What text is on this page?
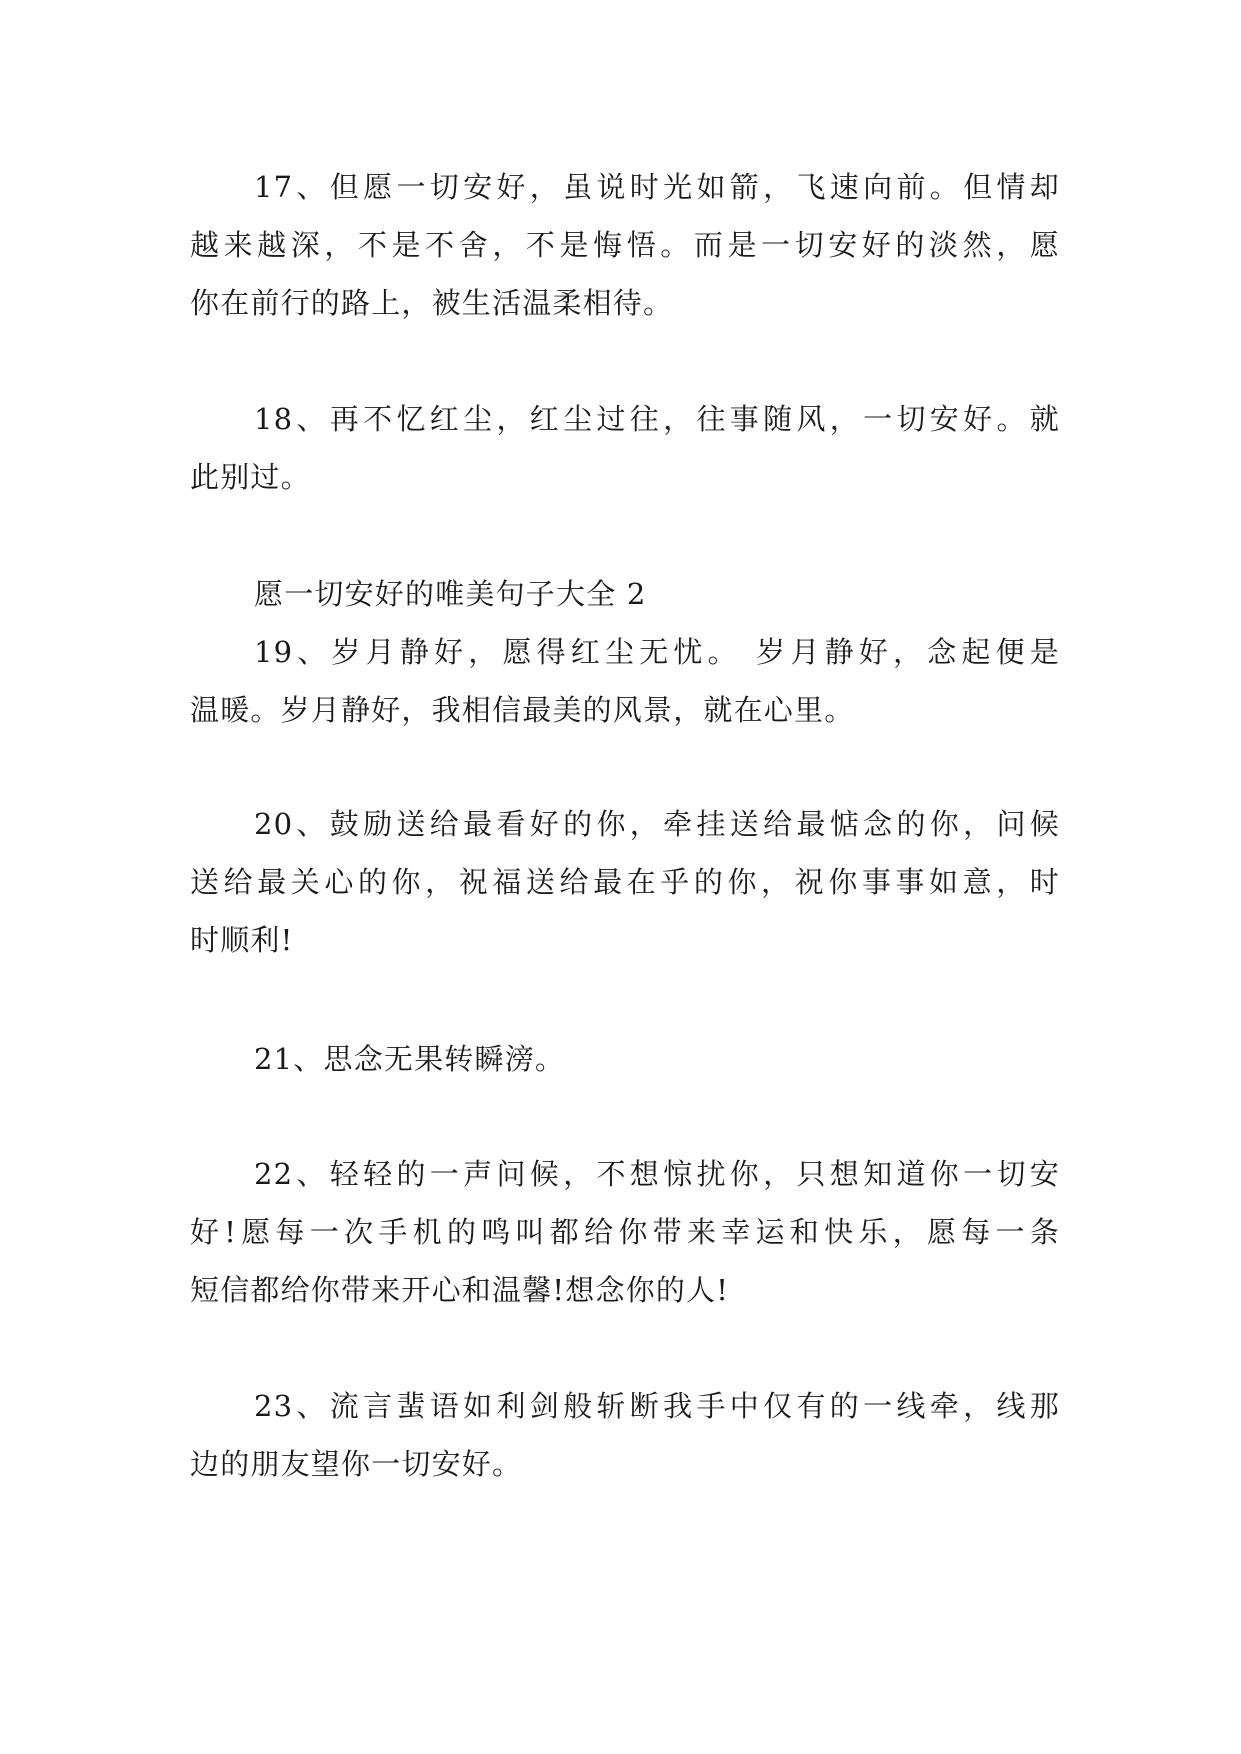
17、但愿一切安好，虽说时光如箭，飞速向前。但情却
越来越深，不是不舍，不是悔悟。而是一切安好的淡然，愿
你在前行的路上，被生活温柔相待。
18、再不忆红尘，红尘过往，往事随风，一切安好。就
此别过。
愿一切安好的唯美句子大全 2
19、岁月静好，愿得红尘无忧。 岁月静好，念起便是
温暖。岁月静好，我相信最美的风景，就在心里。
20、鼓励送给最看好的你，牵挂送给最惦念的你，问候
送给最关心的你，祝福送给最在乎的你，祝你事事如意，时
时顺利!
21、思念无果转瞬滂。
22、轻轻的一声问候，不想惊扰你，只想知道你一切安
好!愿每一次手机的鸣叫都给你带来幸运和快乐，愿每一条
短信都给你带来开心和温馨!想念你的人!
23、流言蜚语如利剑般斩断我手中仅有的一线牵，线那
边的朋友望你一切安好。
